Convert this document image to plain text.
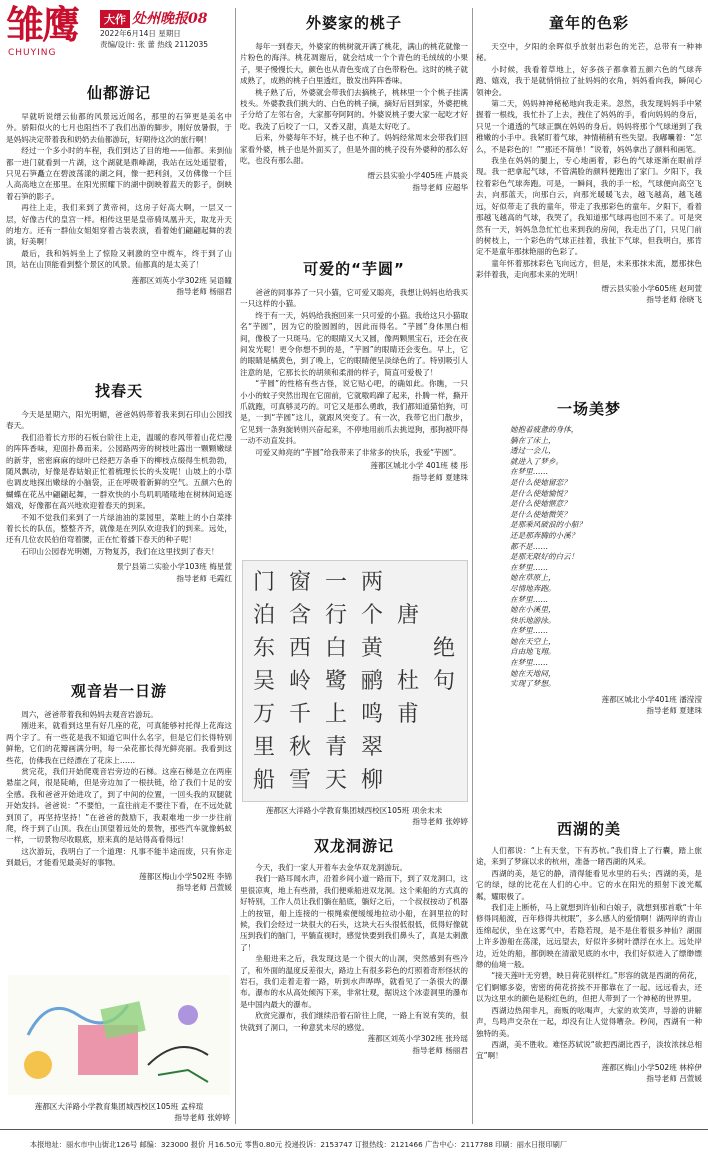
雏鹰
CHUYING
大作 处州晚报08
2022年6月14日 星期日
责编/设计: 张 蕾 热线 2112035
仙都游记

早就听说缙云仙都的风景远近闻名，那里的石笋更是美名中外。骄阳似火的七月也阻挡不了我们出游的脚步，刚好放暑假，于是妈妈决定带着我和奶奶去仙都游玩，好期待这次的旅行啊！

经过一个多小时的车程，我们到达了目的地——仙都。来到仙都一进门就看到一片湖，这个湖就是鼎峰湖，我站在远处遥望着，只见石笋矗立在碧波荡漾的湖之间，像一把利剑，又仿佛像一个巨人高高地立在那里。在阳光照耀下的湖中倒映着蓝天的影子，倒映着石笋的影子。

再往上走，我们来到了黄帝祠，这房子好高大啊，一层又一层，好像古代的皇宫一样。相传这里是皇帝骑凤凰升天，取龙升天的地方。还有一群仙女姐姐穿着古装表演，看着她们翩翩起舞的表演，好美啊！

最后，我和妈妈坐上了惊险又刺激的空中缆车，终于到了山顶，站在山顶能看到整个景区的风景。仙都真的是太美了！

莲都区刘英小学302班 吴语瞳

指导老师 杨丽君

找春天

今天是星期六，阳光明媚，爸爸妈妈带着我来到石印山公园找春天。

我们沿着长方形的石板台阶往上走，温暖的春风带着山花烂漫的阵阵香味，迎面扑鼻而来。公园路两旁的树枝吐露出一颗颗嫩绿的新芽，密密麻麻的绿叶已经把万条垂下的柳枝点缀得生机勃勃，随风飘动，好像是春姑娘正忙着梳理长长的头发呢！山坡上的小草也调皮地探出嫩绿的小脑袋，正在呼吸着新鲜的空气。五颜六色的蝴蝶在花丛中翩翩起舞，一群欢快的小鸟叽叽喳喳地在树林间追逐嬉戏，好像都在高兴地欢迎着春天的到来。

不知不觉我们来到了一片绿油油的菜园里，菜畦上的小白菜排着长长的队伍，整整齐齐，就像是在列队欢迎我们的到来。远处，还有几位农民伯伯弯着腰，正在忙着播下春天的种子呢！

石印山公园春光明媚，万物复苏，我们在这里找到了春天！

景宁县第二实验小学103班 梅星萱

指导老师 毛霞红

观音岩一日游

周六，爸爸带着我和妈妈去观音岩游玩。

刚进来，就看到这里有好几座的花，可真能够衬托得上花海这两个字了。有一些花是我不知道它叫什么名字，但是它们长得特别鲜艳，它们的花瓣画满分明，每一朵花都长得光鲜亮丽。我看到这些花，仿佛我在已经漂在了花床上……

赏完花，我们开始爬观音岩旁边的石梯。这座石梯是立在两座悬崖之间，很是陡峭，但是旁边加了一根扶链，给了我们十足的安全感。我和爸爸开始进攻了，到了中间的位置，一回头我的双腿就开始发抖。爸爸说：“不要怕，一直往前走不要往下看，在不远处就到顶了，再坚持坚持！”在爸爸的鼓励下，我艰难地一步一步往前爬，终于到了山顶。我在山顶望着远处的景物，那些汽车就像蚂蚁一样，一切景物尽收眼底，原来真的是站得高看得远！

这次游玩，我明白了一个道理：凡事不能半途而废，只有你走到最后，才能看见最美好的事物。

莲都区梅山小学502班 李锦

指导老师 吕萱媛

莲都区大洋路小学教育集团城西校区105班 孟梓瑄

指导老师 张婷婷

外婆家的桃子

每年一到春天，外婆家的桃树就开满了桃花，满山的桃花就像一片粉色的海洋。桃花凋谢后，就会结成一个个青色的毛绒绒的小果子，果子慢慢长大，颜色也从青色变成了白色带粉色。这时的桃子就成熟了，成熟的桃子白里透红，散发出阵阵香味。

桃子熟了后，外婆就会带我们去摘桃子，桃林里一个个桃子挂满枝头。外婆教我们挑大的、白色的桃子摘，摘好后回到家，外婆把桃子分给了左邻右舍，大家都夸阿阿的。外婆说桃子要大家一起吃才好吃。我洗了后咬了一口，又香又甜，真是太好吃了。

后来，外婆每年不好，桃子也不种了。妈妈经常周末会带我们回家看外婆，桃子也是外面买了，但是外面的桃子没有外婆种的那么好吃，也没有那么甜。

缙云县实验小学405班 卢晨炎

指导老师 应超华

可爱的“芋圆”

爸爸的同事养了一只小猫，它可爱又聪亮，我想让妈妈也给我买一只这样的小猫。

终于有一天，妈妈给我抱回来一只可爱的小猫。我给这只小猫取名“芋圆”，因为它的脸圆圆的，因此而得名。“芋圆”身体黑白相间，像极了一只斑马。它的眼睛又大又圆，像两颗黑宝石，还会在夜间发光呢！更令你想不到的是，“芋圆”的眼睛还会变色。早上，它的眼睛是橘黄色，到了晚上，它的眼睛便呈淡绿色的了。特别吸引人注意的是，它那长长的胡须和柔滑的样子，简直可爱极了！

“芋圆”的性格有些古怪，说它贴心吧，的确如此。你瞧，一只小小的蚊子突然出现在它面前，它就嗷呜蹿了起来，扑腾一样，撕开爪就跑，可真够灵巧的。可它又是那么勇敢，我们都知道猫怕狗，可是，一到“芋圆”这儿，就跟风突变了。有一次，我带它出门散步，它见到一条狗旋转则兴奋起来，不停地用前爪去挑逗狗，那狗被吓得一动不动直发抖。

可爱又帅亮的“芋圆”给我带来了非常多的快乐，我爱“芋圆”。

莲都区城北小学 401班 楼 彤

指导老师 夏建珠

门 窗 一 两
泊 含 行 个 唐
东 西 白 黄 绝
吴 岭 鹭 鹂 杜 句
万 千 上 鸣 甫
里 秋 青 翠
船 雪 天 柳

莲都区大洋路小学教育集团城西校区105班 项余未未

指导老师 张婷婷

双龙洞游记

今天，我们一家人开着车去金华双龙洞游玩。

我们一路耳闻水声，沿着乡间小道一路而下，到了双龙洞口，这里很凉爽，地上有些滑，我们便乘船进双龙洞。这个乘船的方式真的好特别，工作人员让我们躺在船底，躺好之后，一个叔叔按动了机器上的按钮，船上连接的一根绳索便缓缓地拉动小船，在洞里拉的时候，我们会经过一块很大的石头，这块大石头很低很低，低得好像就压到我们的脑门，平躺直视时，感觉快要到我们鼻头了，真是太刺激了！

坐船进来之后，我发现这是一个很大的山洞，突然感到有些冷了，和外面的温度反差很大，路边上有很多彩色的灯照着奇形怪状的岩石，我们走着走着一路，听到水声哗哗，就看见了一条很大的瀑布。瀑布的水从高处倾泻下来，非常壮观，据说这个冰壶洞里的瀑布是中国内最大的瀑布。

欣赏完瀑布，我们继续沿着石阶往上爬，一路上有说有笑的，很快就到了洞口，一种意犹未尽的感觉。

莲都区刘英小学302班 张玲瑶

指导老师 杨丽君

童年的色彩

天空中，夕阳的余晖似乎放射出彩色的光芒，总带有一种神秘。

小时候，我看着草地上，好多孩子都拿着五颜六色的气球奔跑、嬉戏，我于是就悄悄拉了扯妈妈的衣角，妈妈看向我，瞬间心领神会。

第二天，妈妈神神秘秘地向我走来。忽然，我发现妈妈手中紧握着一根线，我忙扑了上去，拽住了妈妈的手，看向妈妈的身后，只见一个通透的气球正飘在妈妈的身后。妈妈将那个气球递到了我稚嫩的小手中。我紧盯着气球，神情稍稍有些失望。我嘟囔着：“怎么，不是彩色的！”“那还不简单！”说着，妈妈拿出了颜料和画笔。

我坐在妈妈的腿上，专心地画着，彩色的气球逐渐在眼前浮现。我一把拿起气球，不管满脸的颜料便跑出了家门。夕阳下，我拉着彩色气球奔跑。可是，一瞬间，我的手一松，气球便向高空飞去，向那蓝天，向那白云，向那光暖暖飞去，越飞越高，越飞越远，好似带走了我的童年，带走了我那彩色的童年。夕阳下，看着那越飞越高的气球，我哭了，我知道那气球再也回不来了。可是突然有一天，妈妈急急忙忙也来到我的房间，我走出了门，只见门前的树枝上，一个彩色的气球正挂着，我扯下气球，但我明白，那肯定不是童年那抹艳丽的色彩了。

童年怀着那抹彩色飞向远方，但是，未来那抹未流，愿那抹色彩伴着我，走向那未来的光明！

缙云县实验小学605班 赵珂萱

指导老师 徐晓飞

一场美梦

她抱着疲惫的身体，

躺在了床上，

透过一会儿，

就进入了梦乡。

在梦里……

是什么使她留恋？

是什么使她愉悦？

是什么使她惬意？

是什么使她微笑？

是那乘风破浪的小船？

还是那奔腾的小溪？

都不是……

是那无限好的白云！

在梦里……

她在草原上，

尽情地奔跑。

在梦里……

她在小溪里，

快乐地游泳。

在梦里……

她在天空上，

自由地飞翔。

在梦里……

她在天地间，

实现了梦想。

莲都区城北小学401班 潘滢滢

指导老师 夏建珠

西湖的美

人们都说：“上有天堂，下有苏杭。”我们背上了行囊，踏上旅途，来到了梦寐以求的杭州，准备一睹西湖的风采。

西湖的美，是它的静，清得能看见水里的石头；西湖的美，是它的绿，绿的比花在人们的心中。它的水在阳光的照射下波光粼粼，耀眼极了。

我们走上断桥，马上就想到许仙和白娘子，就想到那首歌“十年修得同船渡，百年修得共枕眠”，多么感人的爱情啊！湖两岸的青山连绵起伏，坐在这雾气中，若隐若现，是不是住着很多神仙？湖面上许多游船在荡漾，远远望去，好似许多树叶漂浮在水上。远处岸边，近处的船，都倒映在清澈见底的水中，我们好似进入了缥缈缥缈的仙境一般。

“接天莲叶无穷碧，映日荷花别样红。”形容的就是西湖的荷花，它们婀娜多姿，密密的荷花挤挨不开都靠在了一起。远远看去，还以为这里水的颜色是粉红色的，但把人带到了一个神秘的世界里。

西湖边热闹非凡，商贩的吆喝声，大家的欢笑声，导游的讲解声，鸟鸣声交杂在一起，却没有让人觉得嘈杂。秒间，西湖有一种独特的美。

西湖，美不胜收。难怪苏轼说“欲把西湖比西子，淡妆浓抹总相宜”啊！

莲都区梅山小学502班 林梓伊

指导老师 吕萱媛

本报地址：丽水市中山街北126号 邮编：323000 报价 月16.50元 零售0.80元 投递投诉：2153747 订报热线：2121466 广告中心：2117788 印刷：丽水日报印刷厂
